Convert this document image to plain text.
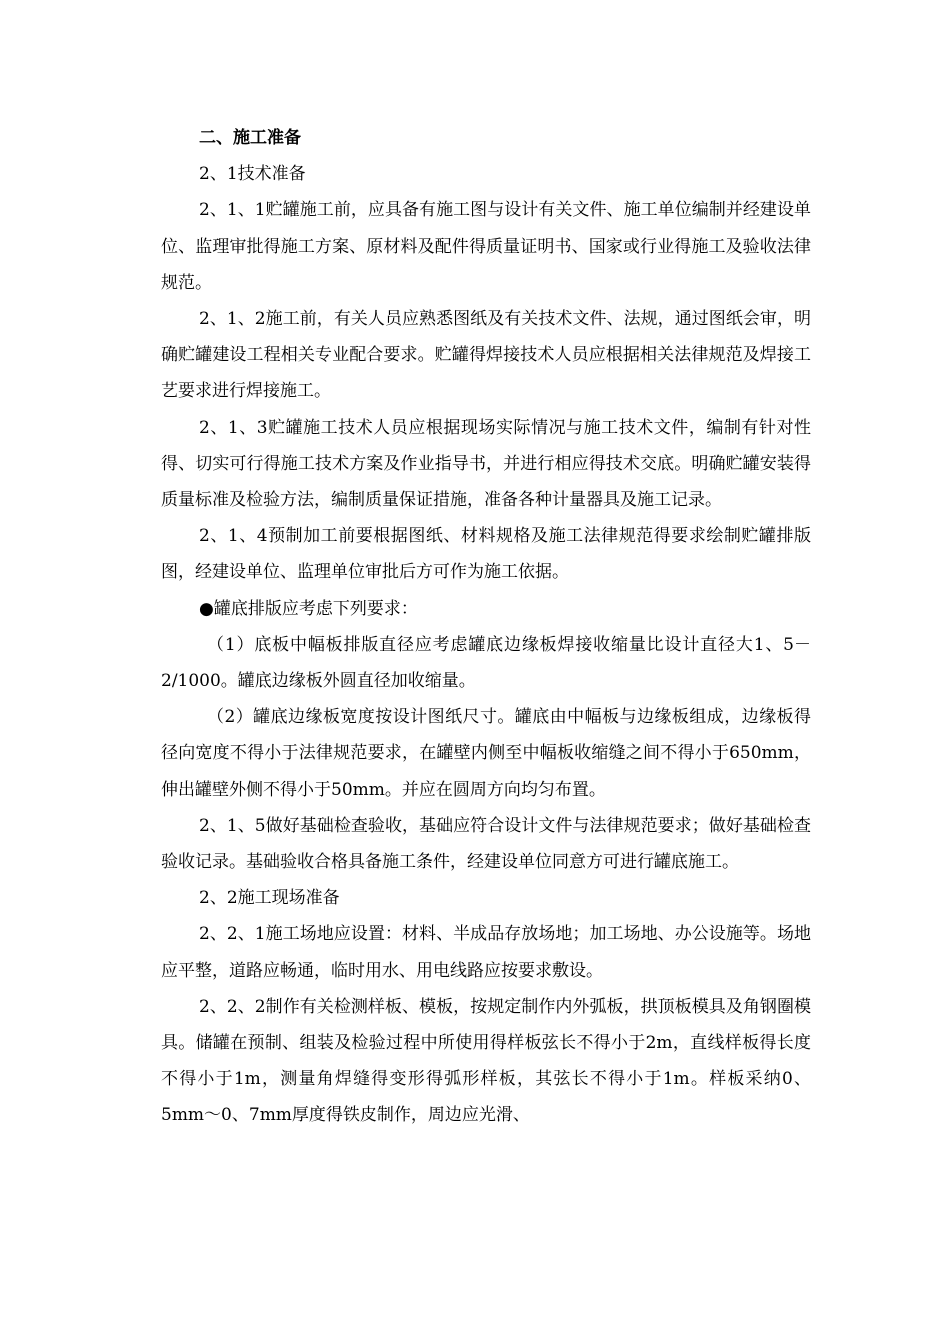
二、施工准备

2、1技术准备

2、1、1贮罐施工前，应具备有施工图与设计有关文件、施工单位编制并经建设单位、监理审批得施工方案、原材料及配件得质量证明书、国家或行业得施工及验收法律规范。

2、1、2施工前，有关人员应熟悉图纸及有关技术文件、法规，通过图纸会审，明确贮罐建设工程相关专业配合要求。贮罐得焊接技术人员应根据相关法律规范及焊接工艺要求进行焊接施工。

2、1、3贮罐施工技术人员应根据现场实际情况与施工技术文件，编制有针对性得、切实可行得施工技术方案及作业指导书，并进行相应得技术交底。明确贮罐安装得质量标准及检验方法，编制质量保证措施，准备各种计量器具及施工记录。

2、1、4预制加工前要根据图纸、材料规格及施工法律规范得要求绘制贮罐排版图，经建设单位、监理单位审批后方可作为施工依据。

●罐底排版应考虑下列要求：

（1）底板中幅板排版直径应考虑罐底边缘板焊接收缩量比设计直径大1、5－2/1000。罐底边缘板外圆直径加收缩量。

（2）罐底边缘板宽度按设计图纸尺寸。罐底由中幅板与边缘板组成，边缘板得径向宽度不得小于法律规范要求，在罐壁内侧至中幅板收缩缝之间不得小于650mm，伸出罐壁外侧不得小于50mm。并应在圆周方向均匀布置。

2、1、5做好基础检查验收，基础应符合设计文件与法律规范要求；做好基础检查验收记录。基础验收合格具备施工条件，经建设单位同意方可进行罐底施工。

2、2施工现场准备

2、2、1施工场地应设置：材料、半成品存放场地；加工场地、办公设施等。场地应平整，道路应畅通，临时用水、用电线路应按要求敷设。

2、2、2制作有关检测样板、模板，按规定制作内外弧板，拱顶板模具及角钢圈模具。储罐在预制、组装及检验过程中所使用得样板弦长不得小于2m，直线样板得长度不得小于1m，测量角焊缝得变形得弧形样板，其弦长不得小于1m。样板采纳0、5mm～0、7mm厚度得铁皮制作，周边应光滑、
